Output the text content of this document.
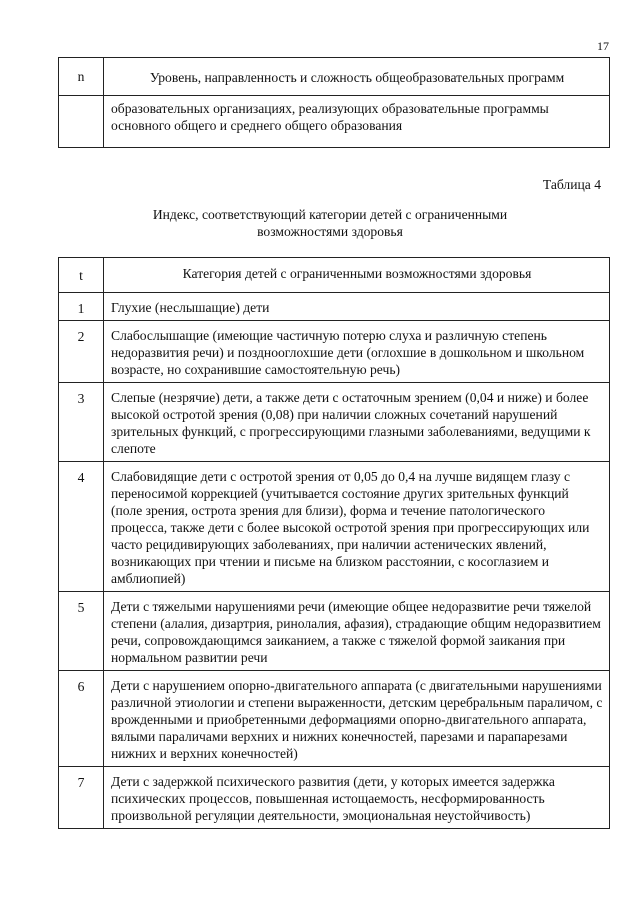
17
n	Уровень, направленность и сложность общеобразовательных программ
	образовательных организациях, реализующих образовательные программы основного общего и среднего общего образования
Таблица 4
Индекс, соответствующий категории детей с ограниченными возможностями здоровья
t	Категория детей с ограниченными возможностями здоровья
1	Глухие (неслышащие) дети
2	Слабослышащие (имеющие частичную потерю слуха и различную степень недоразвития речи) и позднооглохшие дети (оглохшие в дошкольном и школьном возрасте, но сохранившие самостоятельную речь)
3	Слепые (незрячие) дети, а также дети с остаточным зрением (0,04 и ниже) и более высокой остротой зрения (0,08) при наличии сложных сочетаний нарушений зрительных функций, с прогрессирующими глазными заболеваниями, ведущими к слепоте
4	Слабовидящие дети с остротой зрения от 0,05 до 0,4 на лучше видящем глазу с переносимой коррекцией (учитывается состояние других зрительных функций (поле зрения, острота зрения для близи), форма и течение патологического процесса, также дети с более высокой остротой зрения при прогрессирующих или часто рецидивирующих заболеваниях, при наличии астенических явлений, возникающих при чтении и письме на близком расстоянии, с косоглазием и амблиопией)
5	Дети с тяжелыми нарушениями речи (имеющие общее недоразвитие речи тяжелой степени (алалия, дизартрия, ринолалия, афазия), страдающие общим недоразвитием речи, сопровождающимся заиканием, а также с тяжелой формой заикания при нормальном развитии речи
6	Дети с нарушением опорно-двигательного аппарата (с двигательными нарушениями различной этиологии и степени выраженности, детским церебральным параличом, с врожденными и приобретенными деформациями опорно-двигательного аппарата, вялыми параличами верхних и нижних конечностей, парезами и парапарезами нижних и верхних конечностей)
7	Дети с задержкой психического развития (дети, у которых имеется задержка психических процессов, повышенная истощаемость, несформированность произвольной регуляции деятельности, эмоциональная неустойчивость)
